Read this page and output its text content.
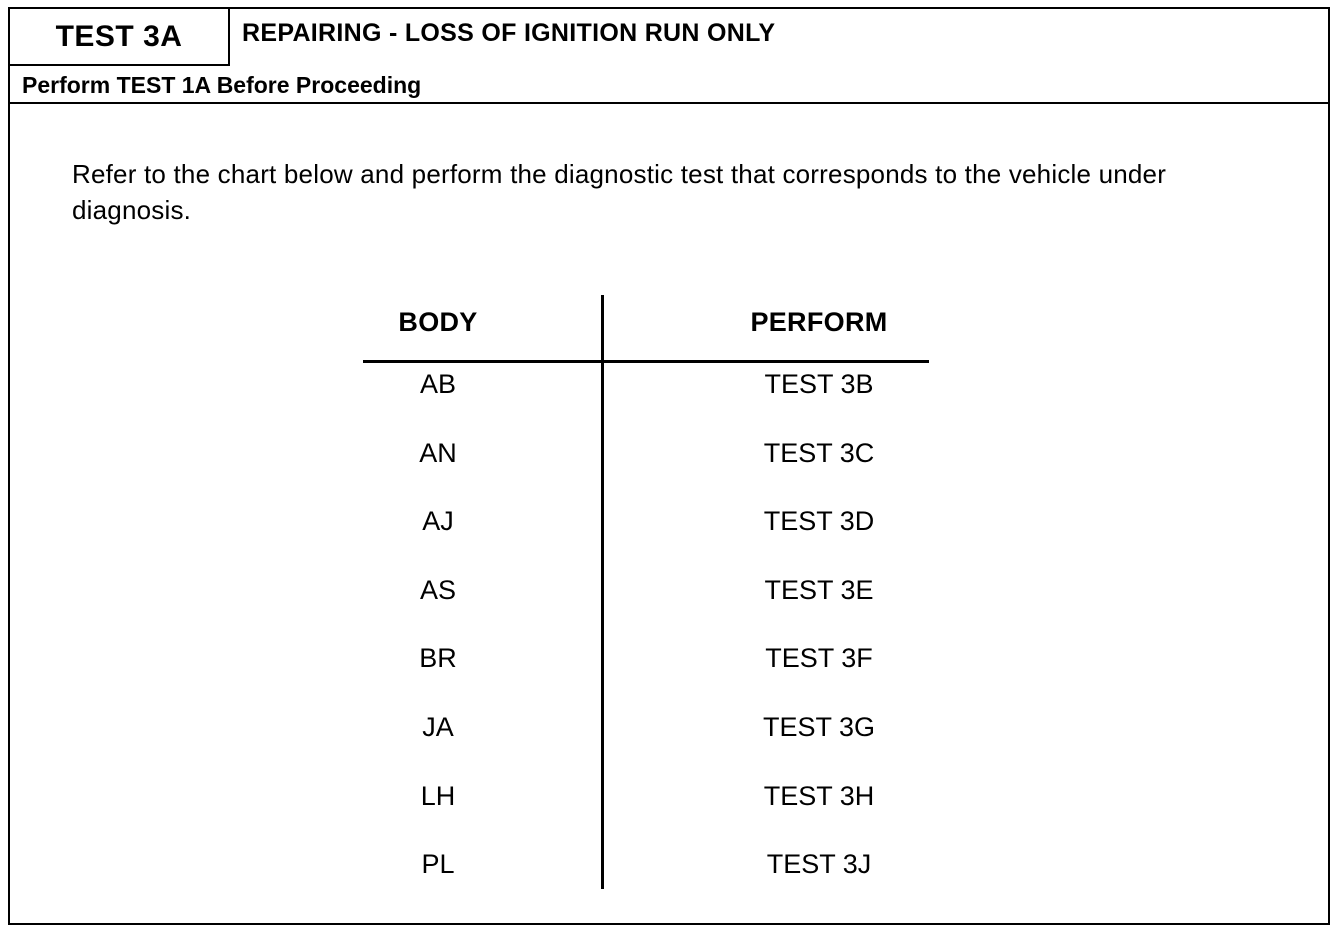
TEST 3A	REPAIRING - LOSS OF IGNITION RUN ONLY
Perform TEST 1A Before Proceeding
Refer to the chart below and perform the diagnostic test that corresponds to the vehicle under diagnosis.
BODY	PERFORM
AB	TEST 3B
AN	TEST 3C
AJ	TEST 3D
AS	TEST 3E
BR	TEST 3F
JA	TEST 3G
LH	TEST 3H
PL	TEST 3J
